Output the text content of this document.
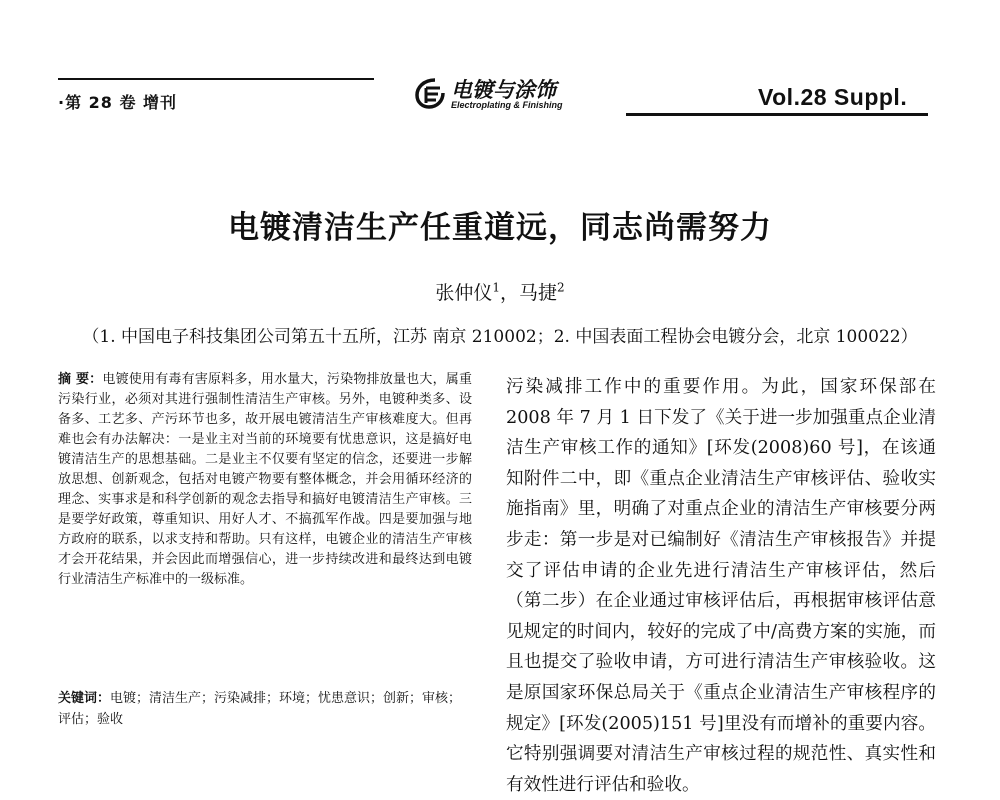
·第 28 卷 增刊
电镀与涂饰
Electroplating & Finishing	Vol.28 Suppl.
电镀清洁生产任重道远，同志尚需努力
张仲仪$^1$，马捷$^2$
（1. 中国电子科技集团公司第五十五所，江苏 南京 210002；2. 中国表面工程协会电镀分会，北京 100022）
摘 要：电镀使用有毒有害原料多，用水量大，污染物排放量也大，属重污染行业，必须对其进行强制性清洁生产审核。另外，电镀种类多、设备多、工艺多、产污环节也多，故开展电镀清洁生产审核难度大。但再难也会有办法解决：一是业主对当前的环境要有忧患意识，这是搞好电镀清洁生产的思想基础。二是业主不仅要有坚定的信念，还要进一步解放思想、创新观念，包括对电镀产物要有整体概念，并会用循环经济的理念、实事求是和科学创新的观念去指导和搞好电镀清洁生产审核。三是要学好政策，尊重知识、用好人才、不搞孤军作战。四是要加强与地方政府的联系，以求支持和帮助。只有这样，电镀企业的清洁生产审核才会开花结果，并会因此而增强信心，进一步持续改进和最终达到电镀行业清洁生产标准中的一级标准。
关键词：电镀；清洁生产；污染减排；环境；忧患意识；创新；审核；评估；验收
污染减排工作中的重要作用。为此，国家环保部在 2008 年 7 月 1 日下发了《关于进一步加强重点企业清洁生产审核工作的通知》[环发(2008)60 号]，在该通知附件二中，即《重点企业清洁生产审核评估、验收实施指南》里，明确了对重点企业的清洁生产审核要分两步走：第一步是对已编制好《清洁生产审核报告》并提交了评估申请的企业先进行清洁生产审核评估，然后（第二步）在企业通过审核评估后，再根据审核评估意见规定的时间内，较好的完成了中/高费方案的实施，而且也提交了验收申请，方可进行清洁生产审核验收。这是原国家环保总局关于《重点企业清洁生产审核程序的规定》[环发(2005)151 号]里没有而增补的重要内容。它特别强调要对清洁生产审核过程的规范性、真实性和有效性进行评估和验收。
